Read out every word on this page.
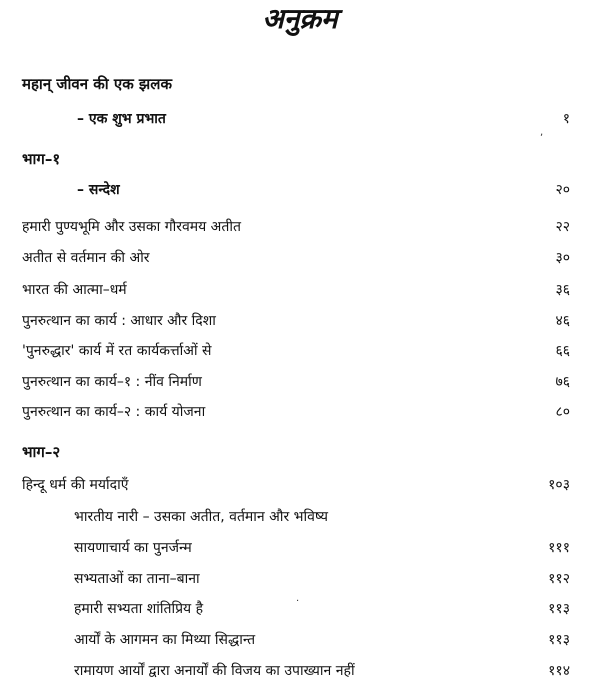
अनुक्रम
महान् जीवन की एक झलक
– एक शुभ प्रभात	१
भाग–१
– सन्देश	२०
हमारी पुण्यभूमि और उसका गौरवमय अतीत	२२
अतीत से वर्तमान की ओर	३०
भारत की आत्मा–धर्म	३६
पुनरुत्थान का कार्य : आधार और दिशा	४६
'पुनरुद्धार' कार्य में रत कार्यकर्त्ताओं से	६६
पुनरुत्थान का कार्य–१ : नींव निर्माण	७६
पुनरुत्थान का कार्य–२ : कार्य योजना	८०
भाग–२
हिन्दू धर्म की मर्यादाएँ	१०३
भारतीय नारी – उसका अतीत, वर्तमान और भविष्य
सायणाचार्य का पुनर्जन्म	१११
सभ्यताओं का ताना–बाना	११२
हमारी सभ्यता शांतिप्रिय है	११३
आर्यों के आगमन का मिथ्या सिद्धान्त	११३
रामायण आर्यों द्वारा अनार्यों की विजय का उपाख्यान नहीं	११४
,
·
